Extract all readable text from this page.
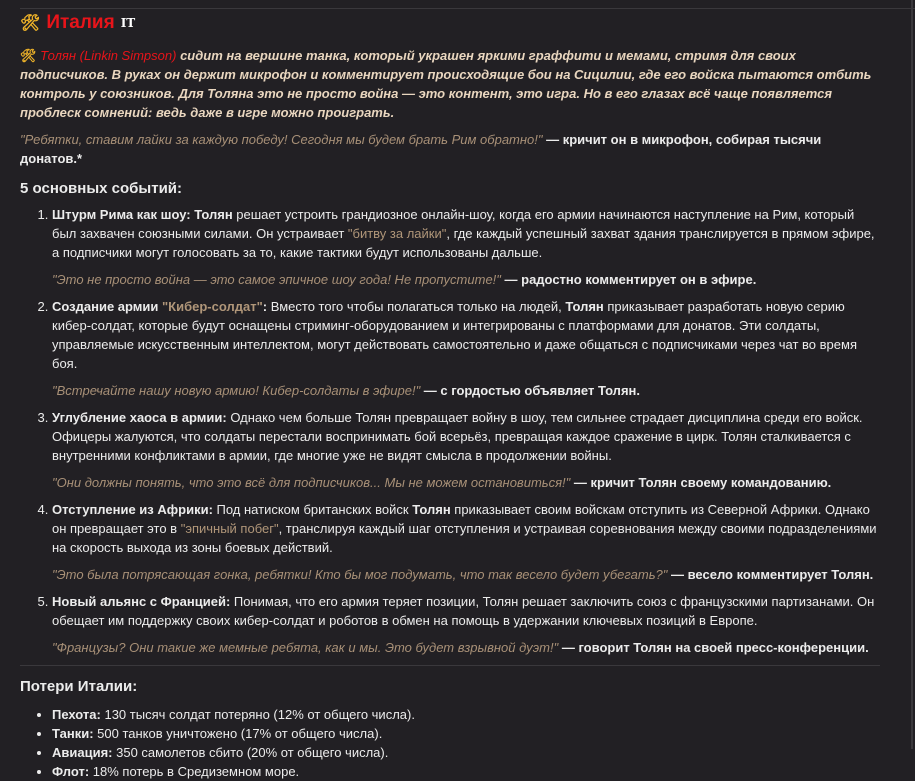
🛠 Италия IT

🛠 Толян (Linkin Simpson) сидит на вершине танка, который украшен яркими граффити и мемами, стримя для своих подписчиков. В руках он держит микрофон и комментирует происходящие бои на Сицилии, где его войска пытаются отбить контроль у союзников. Для Толяна это не просто война — это контент, это игра. Но в его глазах всё чаще появляется проблеск сомнений: ведь даже в игре можно проиграть.

"Ребятки, ставим лайки за каждую победу! Сегодня мы будем брать Рим обратно!" — кричит он в микрофон, собирая тысячи донатов.*

5 основных событий:

1. Штурм Рима как шоу: Толян решает устроить грандиозное онлайн-шоу, когда его армии начинаются наступление на Рим, который был захвачен союзными силами. Он устраивает "битву за лайки", где каждый успешный захват здания транслируется в прямом эфире, а подписчики могут голосовать за то, какие тактики будут использованы дальше.

"Это не просто война — это самое эпичное шоу года! Не пропустите!" — радостно комментирует он в эфире.

2. Создание армии "Кибер-солдат": Вместо того чтобы полагаться только на людей, Толян приказывает разработать новую серию кибер-солдат, которые будут оснащены стриминг-оборудованием и интегрированы с платформами для донатов. Эти солдаты, управляемые искусственным интеллектом, могут действовать самостоятельно и даже общаться с подписчиками через чат во время боя.

"Встречайте нашу новую армию! Кибер-солдаты в эфире!" — с гордостью объявляет Толян.

3. Углубление хаоса в армии: Однако чем больше Толян превращает войну в шоу, тем сильнее страдает дисциплина среди его войск. Офицеры жалуются, что солдаты перестали воспринимать бой всерьёз, превращая каждое сражение в цирк. Толян сталкивается с внутренними конфликтами в армии, где многие уже не видят смысла в продолжении войны.

"Они должны понять, что это всё для подписчиков... Мы не можем остановиться!" — кричит Толян своему командованию.

4. Отступление из Африки: Под натиском британских войск Толян приказывает своим войскам отступить из Северной Африки. Однако он превращает это в "эпичный побег", транслируя каждый шаг отступления и устраивая соревнования между своими подразделениями на скорость выхода из зоны боевых действий.

"Это была потрясающая гонка, ребятки! Кто бы мог подумать, что так весело будет убегать?" — весело комментирует Толян.

5. Новый альянс с Францией: Понимая, что его армия теряет позиции, Толян решает заключить союз с французскими партизанами. Он обещает им поддержку своих кибер-солдат и роботов в обмен на помощь в удержании ключевых позиций в Европе.

"Французы? Они такие же мемные ребята, как и мы. Это будет взрывной дуэт!" — говорит Толян на своей пресс-конференции.

Потери Италии:
• Пехота: 130 тысяч солдат потеряно (12% от общего числа).
• Танки: 500 танков уничтожено (17% от общего числа).
• Авиация: 350 самолетов сбито (20% от общего числа).
• Флот: 18% потерь в Средиземном море.
